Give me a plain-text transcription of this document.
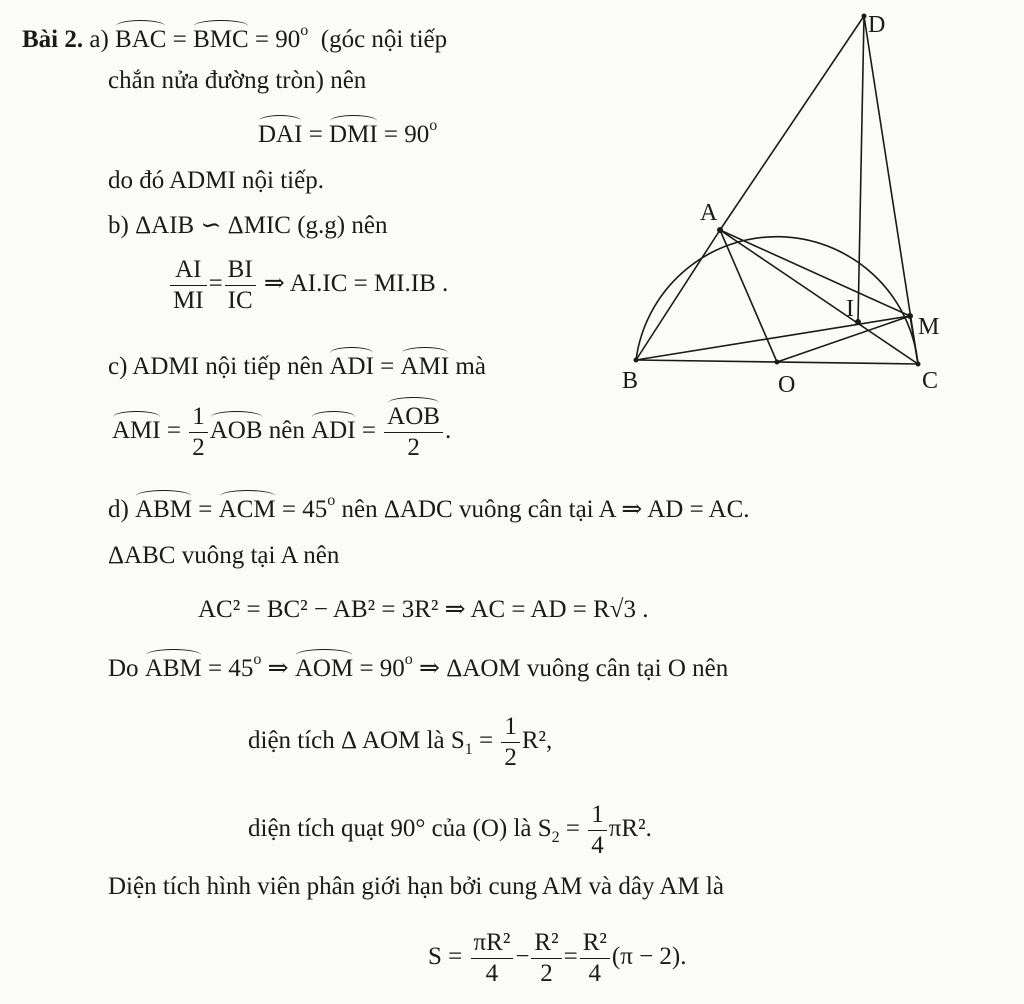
Bài 2. a) BAC = BMC = $90^o$ (góc nội tiếp
chắn nửa đường tròn) nên
DAI = DMI = $90^o$
do đó ADMI nội tiếp.
b) ΔAIB ∽ ΔMIC (g.g) nên
$\frac{AI}{MI} = \frac{BI}{IC}$ ⇒ AI.IC = MI.IB .
c) ADMI nội tiếp nên ADI = AMI mà
AMI = $\frac{1}{2}$ AOB nên ADI = $\frac{\text{AOB}}{2}$ .
d) ABM = ACM = $45^o$ nên ΔADC vuông cân tại A ⇒ AD = AC.
ΔABC vuông tại A nên
AC² = BC² − AB² = 3R² ⇒ AC = AD = R√3 .
Do ABM = $45^o$ ⇒ AOM = $90^o$ ⇒ ΔAOM vuông cân tại O nên
diện tích Δ AOM là $S_1 = \frac{1}{2} R^2$,
diện tích quạt 90° của (O) là $S_2 = \frac{1}{4} \pi R^2$.
Diện tích hình viên phân giới hạn bởi cung AM và dây AM là
$S = \frac{\text{πR²}}{4} - \frac{\text{R²}}{2} = \frac{\text{R²}}{4} (\pi - 2)$.
D
A
I
M
B	O	C
